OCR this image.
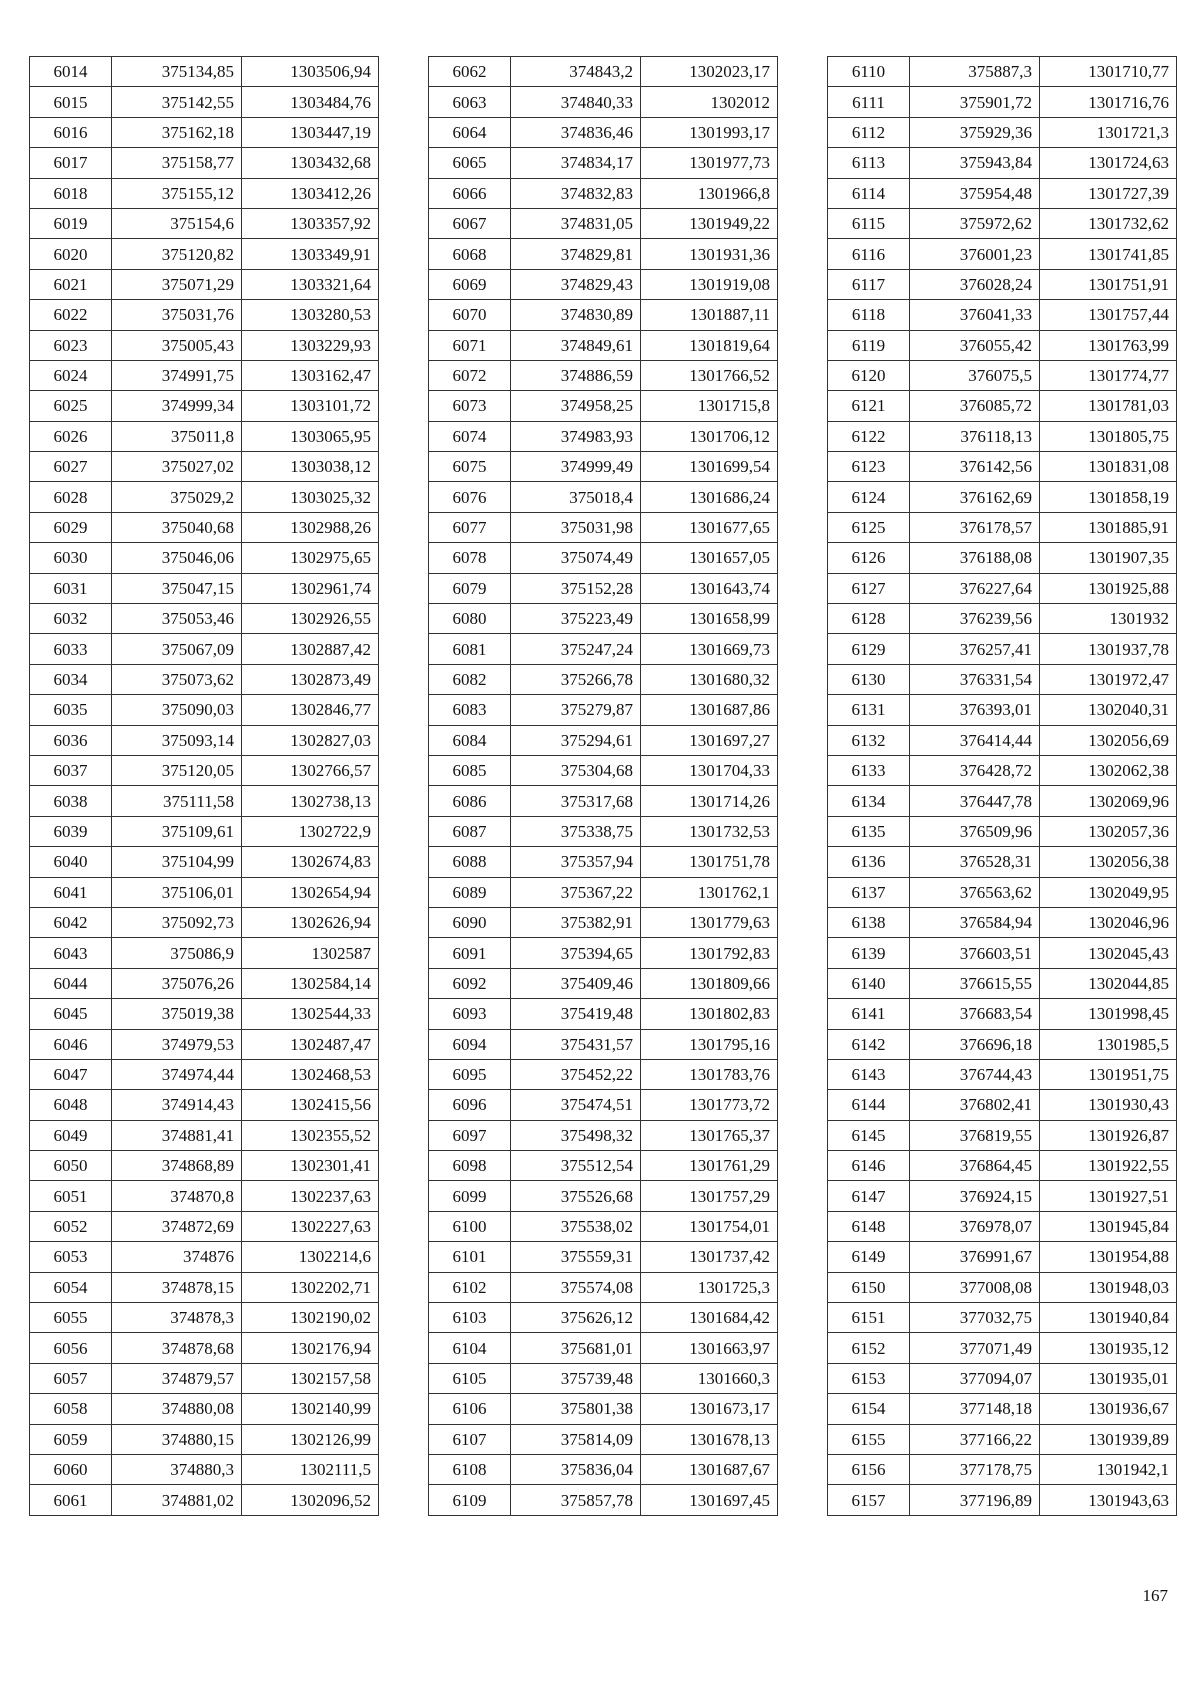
6014	375134,85	1303506,94
6015	375142,55	1303484,76
6016	375162,18	1303447,19
6017	375158,77	1303432,68
6018	375155,12	1303412,26
6019	375154,6	1303357,92
6020	375120,82	1303349,91
6021	375071,29	1303321,64
6022	375031,76	1303280,53
6023	375005,43	1303229,93
6024	374991,75	1303162,47
6025	374999,34	1303101,72
6026	375011,8	1303065,95
6027	375027,02	1303038,12
6028	375029,2	1303025,32
6029	375040,68	1302988,26
6030	375046,06	1302975,65
6031	375047,15	1302961,74
6032	375053,46	1302926,55
6033	375067,09	1302887,42
6034	375073,62	1302873,49
6035	375090,03	1302846,77
6036	375093,14	1302827,03
6037	375120,05	1302766,57
6038	375111,58	1302738,13
6039	375109,61	1302722,9
6040	375104,99	1302674,83
6041	375106,01	1302654,94
6042	375092,73	1302626,94
6043	375086,9	1302587
6044	375076,26	1302584,14
6045	375019,38	1302544,33
6046	374979,53	1302487,47
6047	374974,44	1302468,53
6048	374914,43	1302415,56
6049	374881,41	1302355,52
6050	374868,89	1302301,41
6051	374870,8	1302237,63
6052	374872,69	1302227,63
6053	374876	1302214,6
6054	374878,15	1302202,71
6055	374878,3	1302190,02
6056	374878,68	1302176,94
6057	374879,57	1302157,58
6058	374880,08	1302140,99
6059	374880,15	1302126,99
6060	374880,3	1302111,5
6061	374881,02	1302096,52
6062	374843,2	1302023,17
6063	374840,33	1302012
6064	374836,46	1301993,17
6065	374834,17	1301977,73
6066	374832,83	1301966,8
6067	374831,05	1301949,22
6068	374829,81	1301931,36
6069	374829,43	1301919,08
6070	374830,89	1301887,11
6071	374849,61	1301819,64
6072	374886,59	1301766,52
6073	374958,25	1301715,8
6074	374983,93	1301706,12
6075	374999,49	1301699,54
6076	375018,4	1301686,24
6077	375031,98	1301677,65
6078	375074,49	1301657,05
6079	375152,28	1301643,74
6080	375223,49	1301658,99
6081	375247,24	1301669,73
6082	375266,78	1301680,32
6083	375279,87	1301687,86
6084	375294,61	1301697,27
6085	375304,68	1301704,33
6086	375317,68	1301714,26
6087	375338,75	1301732,53
6088	375357,94	1301751,78
6089	375367,22	1301762,1
6090	375382,91	1301779,63
6091	375394,65	1301792,83
6092	375409,46	1301809,66
6093	375419,48	1301802,83
6094	375431,57	1301795,16
6095	375452,22	1301783,76
6096	375474,51	1301773,72
6097	375498,32	1301765,37
6098	375512,54	1301761,29
6099	375526,68	1301757,29
6100	375538,02	1301754,01
6101	375559,31	1301737,42
6102	375574,08	1301725,3
6103	375626,12	1301684,42
6104	375681,01	1301663,97
6105	375739,48	1301660,3
6106	375801,38	1301673,17
6107	375814,09	1301678,13
6108	375836,04	1301687,67
6109	375857,78	1301697,45
6110	375887,3	1301710,77
6111	375901,72	1301716,76
6112	375929,36	1301721,3
6113	375943,84	1301724,63
6114	375954,48	1301727,39
6115	375972,62	1301732,62
6116	376001,23	1301741,85
6117	376028,24	1301751,91
6118	376041,33	1301757,44
6119	376055,42	1301763,99
6120	376075,5	1301774,77
6121	376085,72	1301781,03
6122	376118,13	1301805,75
6123	376142,56	1301831,08
6124	376162,69	1301858,19
6125	376178,57	1301885,91
6126	376188,08	1301907,35
6127	376227,64	1301925,88
6128	376239,56	1301932
6129	376257,41	1301937,78
6130	376331,54	1301972,47
6131	376393,01	1302040,31
6132	376414,44	1302056,69
6133	376428,72	1302062,38
6134	376447,78	1302069,96
6135	376509,96	1302057,36
6136	376528,31	1302056,38
6137	376563,62	1302049,95
6138	376584,94	1302046,96
6139	376603,51	1302045,43
6140	376615,55	1302044,85
6141	376683,54	1301998,45
6142	376696,18	1301985,5
6143	376744,43	1301951,75
6144	376802,41	1301930,43
6145	376819,55	1301926,87
6146	376864,45	1301922,55
6147	376924,15	1301927,51
6148	376978,07	1301945,84
6149	376991,67	1301954,88
6150	377008,08	1301948,03
6151	377032,75	1301940,84
6152	377071,49	1301935,12
6153	377094,07	1301935,01
6154	377148,18	1301936,67
6155	377166,22	1301939,89
6156	377178,75	1301942,1
6157	377196,89	1301943,63
167
